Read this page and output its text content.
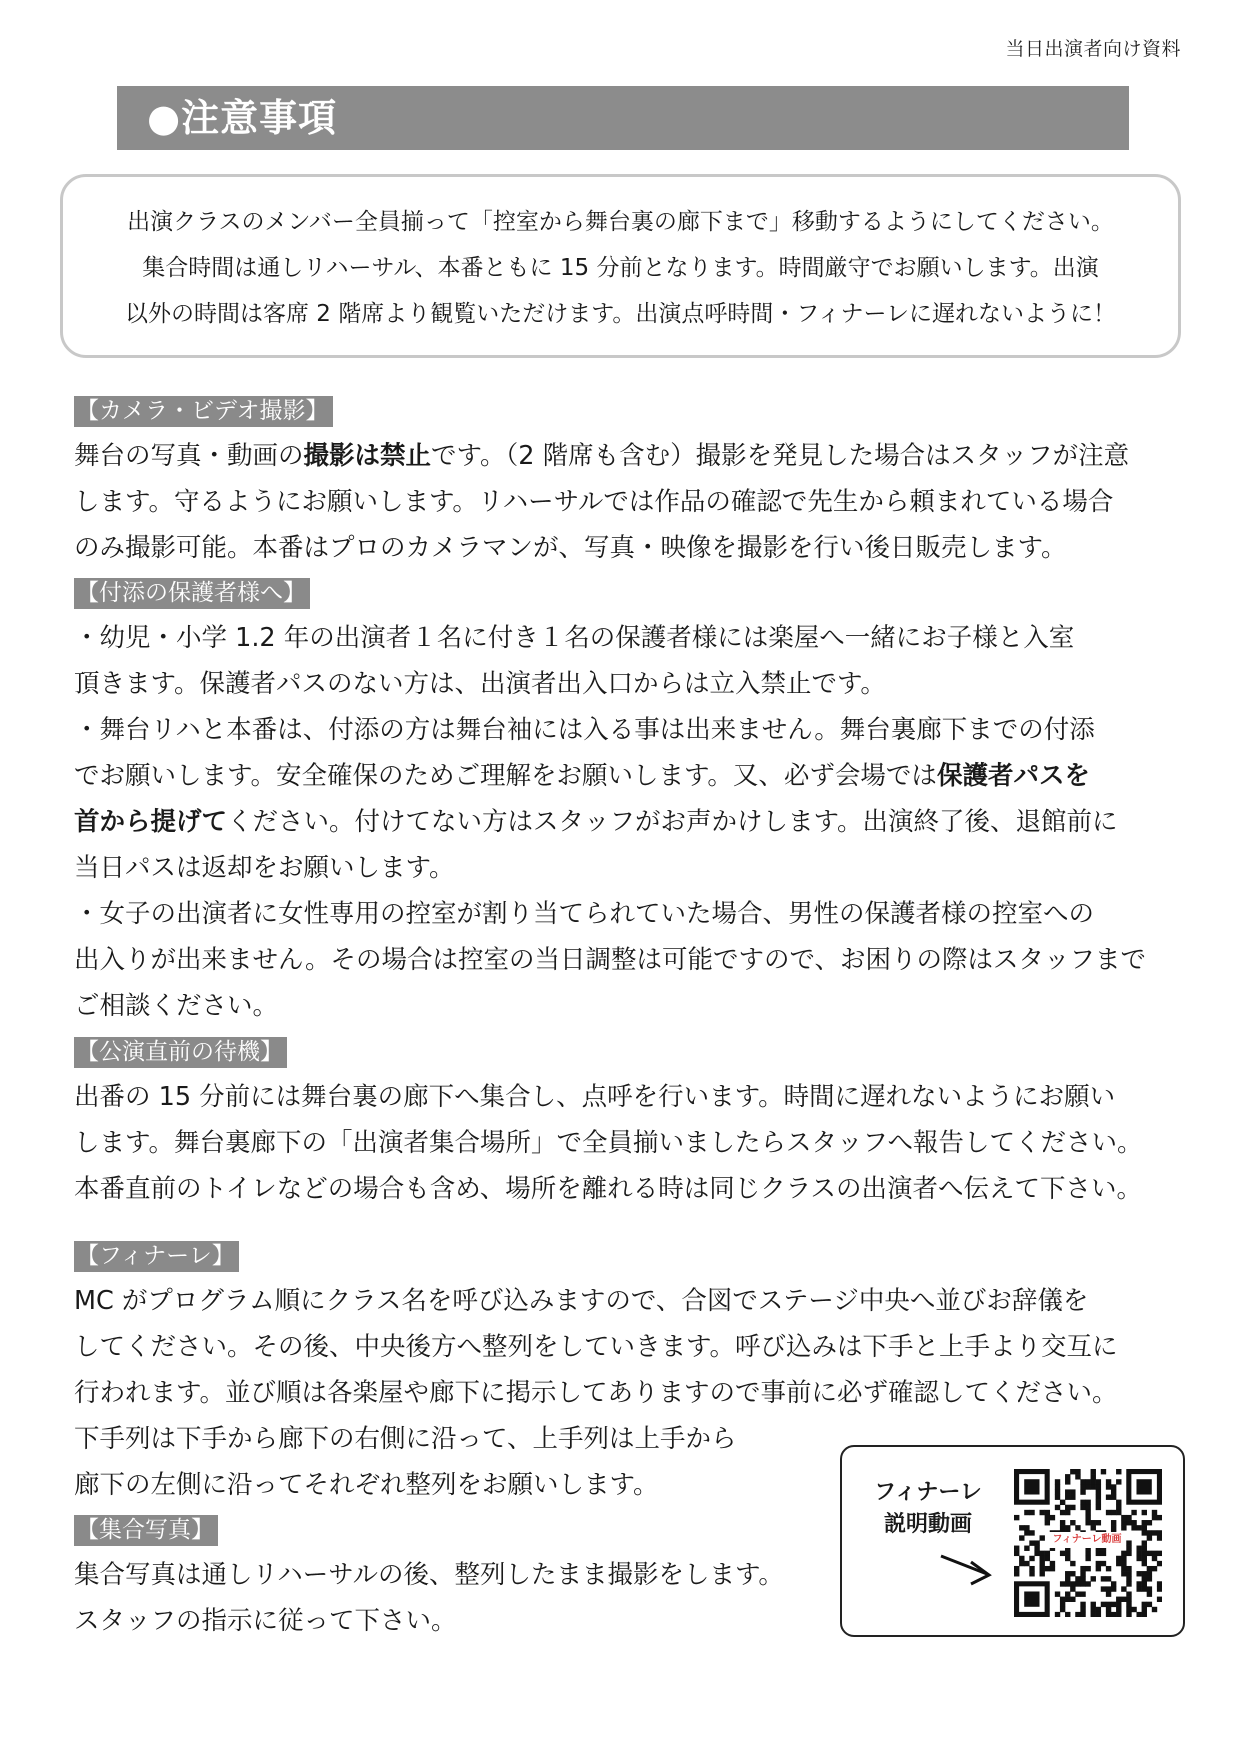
当日出演者向け資料
●注意事項
出演クラスのメンバー全員揃って「控室から舞台裏の廊下まで」移動するようにしてください。
集合時間は通しリハーサル、本番ともに 15 分前となります。時間厳守でお願いします。出演
以外の時間は客席 2 階席より観覧いただけます。出演点呼時間・フィナーレに遅れないように！
【カメラ・ビデオ撮影】
舞台の写真・動画の撮影は禁止です。（2 階席も含む）撮影を発見した場合はスタッフが注意
します。守るようにお願いします。リハーサルでは作品の確認で先生から頼まれている場合
のみ撮影可能。本番はプロのカメラマンが、写真・映像を撮影を行い後日販売します。
【付添の保護者様へ】
・幼児・小学 1.2 年の出演者１名に付き１名の保護者様には楽屋へ一緒にお子様と入室
頂きます。保護者パスのない方は、出演者出入口からは立入禁止です。
・舞台リハと本番は、付添の方は舞台袖には入る事は出来ません。舞台裏廊下までの付添
でお願いします。安全確保のためご理解をお願いします。又、必ず会場では保護者パスを
首から提げてください。付けてない方はスタッフがお声かけします。出演終了後、退館前に
当日パスは返却をお願いします。
・女子の出演者に女性専用の控室が割り当てられていた場合、男性の保護者様の控室への
出入りが出来ません。その場合は控室の当日調整は可能ですので、お困りの際はスタッフまで
ご相談ください。
【公演直前の待機】
出番の 15 分前には舞台裏の廊下へ集合し、点呼を行います。時間に遅れないようにお願い
します。舞台裏廊下の「出演者集合場所」で全員揃いましたらスタッフへ報告してください。
本番直前のトイレなどの場合も含め、場所を離れる時は同じクラスの出演者へ伝えて下さい。
【フィナーレ】
MC がプログラム順にクラス名を呼び込みますので、合図でステージ中央へ並びお辞儀を
してください。その後、中央後方へ整列をしていきます。呼び込みは下手と上手より交互に
行われます。並び順は各楽屋や廊下に掲示してありますので事前に必ず確認してください。
下手列は下手から廊下の右側に沿って、上手列は上手から
廊下の左側に沿ってそれぞれ整列をお願いします。
【集合写真】
集合写真は通しリハーサルの後、整列したまま撮影をします。
スタッフの指示に従って下さい。
フィナーレ
説明動画
フィナーレ動画
